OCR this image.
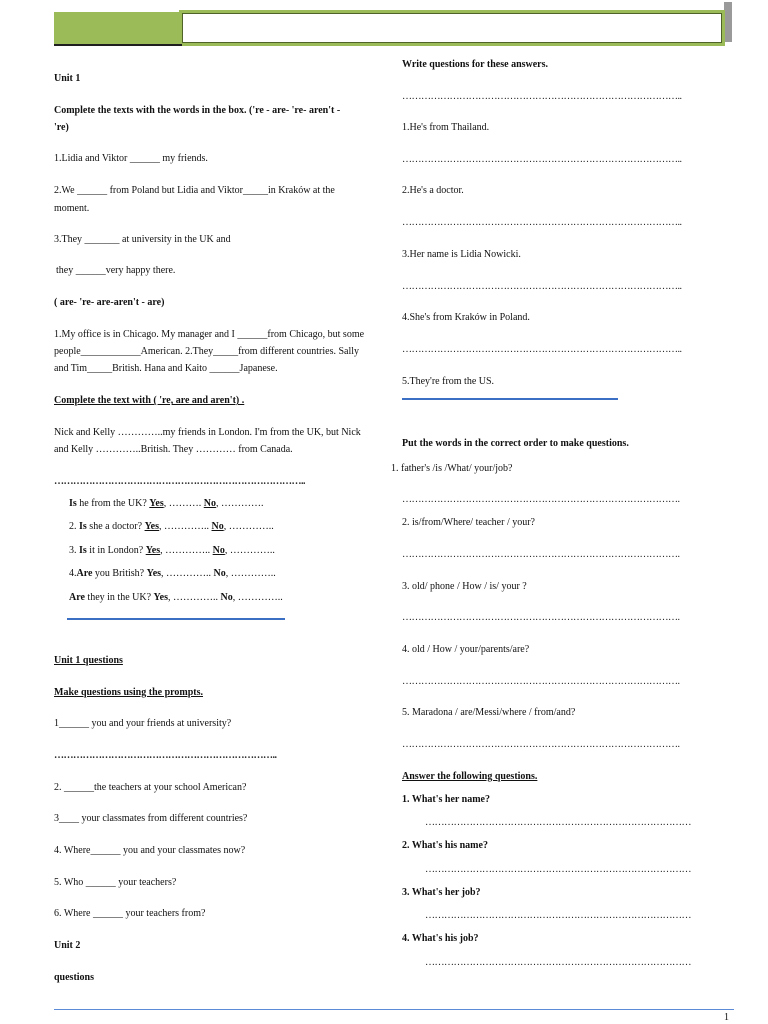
Unit 1
Complete the texts with the words in the box. ('re - are- 're- aren't -
're)
1.Lidia and Viktor ______ my friends.
2.We ______ from Poland but Lidia and Viktor_____in Kraków at the
moment.
3.They _______ at university in the UK and
they ______very happy there.
( are- 're- are-aren't - are)
1.My office is in Chicago. My manager and I ______from Chicago, but some
people____________American. 2.They_____from different countries. Sally
and Tim_____British. Hana and Kaito ______Japanese.
Complete the text with ( 're, are and aren't) .
Nick and Kelly …………..my friends in London. I'm from the UK, but Nick
and Kelly …………..British. They ………… from Canada.
……………………………………………………………………..
Is he from the UK? Yes, ………. No, ………….
2. Is she a doctor? Yes, ………….. No, …………..
3. Is it in London? Yes, ………….. No, …………..
4.Are you British? Yes, ………….. No, …………..
Are they in the UK? Yes, ………….. No, …………..
Unit 1 questions
Make questions using the prompts.
1______ you and your friends at university?
……………………………………………………………..
2. ______the teachers at your school American?
3____ your classmates from different countries?
4. Where______ you and your classmates now?
5. Who ______ your teachers?
6. Where ______ your teachers from?
Unit 2
questions
Write questions for these answers.
……………………………………………………………………………..
1.He's from Thailand.
……………………………………………………………………………..
2.He's a doctor.
……………………………………………………………………………..
3.Her name is Lidia Nowicki.
……………………………………………………………………………..
4.She's from Kraków in Poland.
……………………………………………………………………………..
5.They're from the US.
Put the words in the correct order to make questions.
1. father's /is /What/ your/job?
…………………………………………………………………………….
2. is/from/Where/ teacher / your?
…………………………………………………………………………….
3. old/ phone / How / is/ your ?
…………………………………………………………………………….
4. old / How / your/parents/are?
…………………………………………………………………………….
5. Maradona / are/Messi/where / from/and?
…………………………………………………………………………….
Answer the following questions.
1. What's her name?
…………………………………………………………………………
2. What's his name?
…………………………………………………………………………
3. What's her job?
…………………………………………………………………………
4. What's his job?
…………………………………………………………………………
1
